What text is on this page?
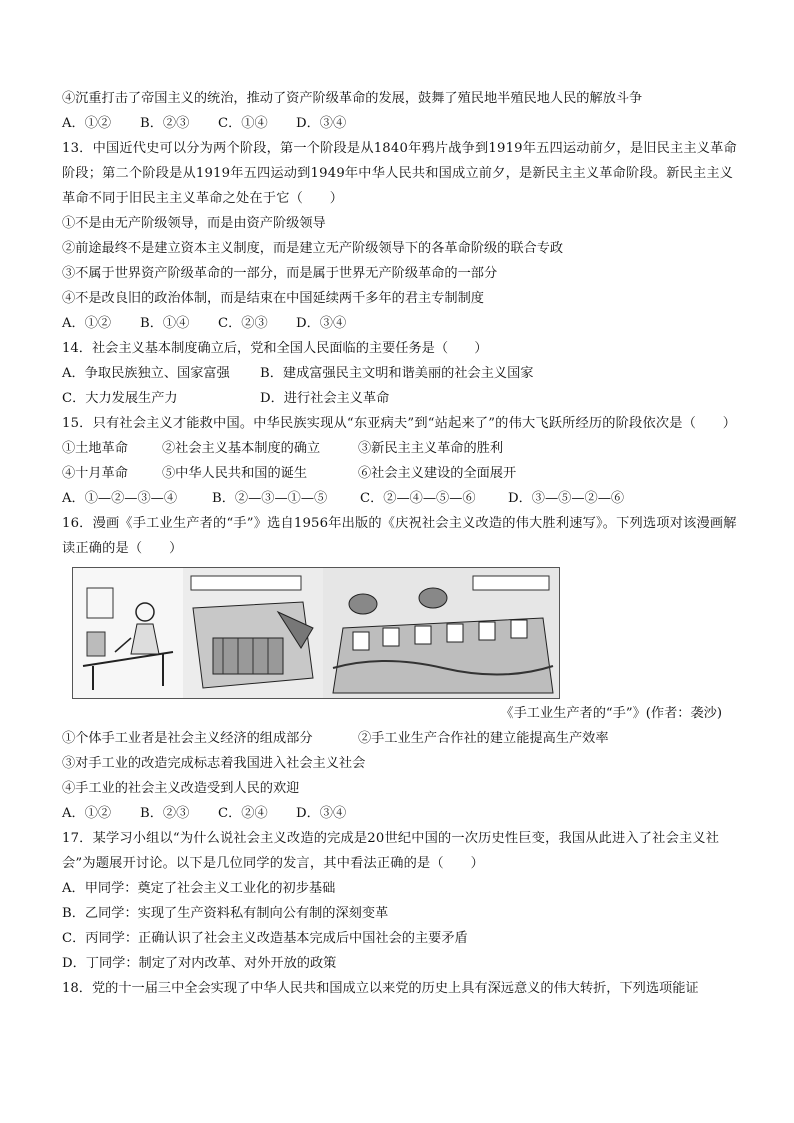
④沉重打击了帝国主义的统治，推动了资产阶级革命的发展，鼓舞了殖民地半殖民地人民的解放斗争
A．①②	B．②③	C．①④	D．③④
13．中国近代史可以分为两个阶段，第一个阶段是从1840年鸦片战争到1919年五四运动前夕，是旧民主主义革命阶段；第二个阶段是从1919年五四运动到1949年中华人民共和国成立前夕，是新民主主义革命阶段。新民主主义革命不同于旧民主主义革命之处在于它（　　）
①不是由无产阶级领导，而是由资产阶级领导
②前途最终不是建立资本主义制度，而是建立无产阶级领导下的各革命阶级的联合专政
③不属于世界资产阶级革命的一部分，而是属于世界无产阶级革命的一部分
④不是改良旧的政治体制，而是结束在中国延续两千多年的君主专制制度
A．①②	B．①④	C．②③	D．③④
14．社会主义基本制度确立后，党和全国人民面临的主要任务是（　　）
A．争取民族独立、国家富强	B．建成富强民主文明和谐美丽的社会主义国家
C．大力发展生产力	D．进行社会主义革命
15．只有社会主义才能救中国。中华民族实现从“东亚病夫”到“站起来了”的伟大飞跃所经历的阶段依次是（　　）
①土地革命	②社会主义基本制度的确立	③新民主主义革命的胜利
④十月革命	⑤中华人民共和国的诞生	⑥社会主义建设的全面展开
A．①—②—③—④	B．②—③—①—⑤	C．②—④—⑤—⑥	D．③—⑤—②—⑥
16．漫画《手工业生产者的“手”》选自1956年出版的《庆祝社会主义改造的伟大胜利速写》。下列选项对该漫画解读正确的是（　　）
《手工业生产者的“手”》(作者：袭沙)
①个体手工业者是社会主义经济的组成部分	②手工业生产合作社的建立能提高生产效率
③对手工业的改造完成标志着我国进入社会主义社会
④手工业的社会主义改造受到人民的欢迎
A．①②	B．②③	C．②④	D．③④
17．某学习小组以“为什么说社会主义改造的完成是20世纪中国的一次历史性巨变，我国从此进入了社会主义社会”为题展开讨论。以下是几位同学的发言，其中看法正确的是（　　）
A．甲同学：奠定了社会主义工业化的初步基础
B．乙同学：实现了生产资料私有制向公有制的深刻变革
C．丙同学：正确认识了社会主义改造基本完成后中国社会的主要矛盾
D．丁同学：制定了对内改革、对外开放的政策
18．党的十一届三中全会实现了中华人民共和国成立以来党的历史上具有深远意义的伟大转折，下列选项能证
